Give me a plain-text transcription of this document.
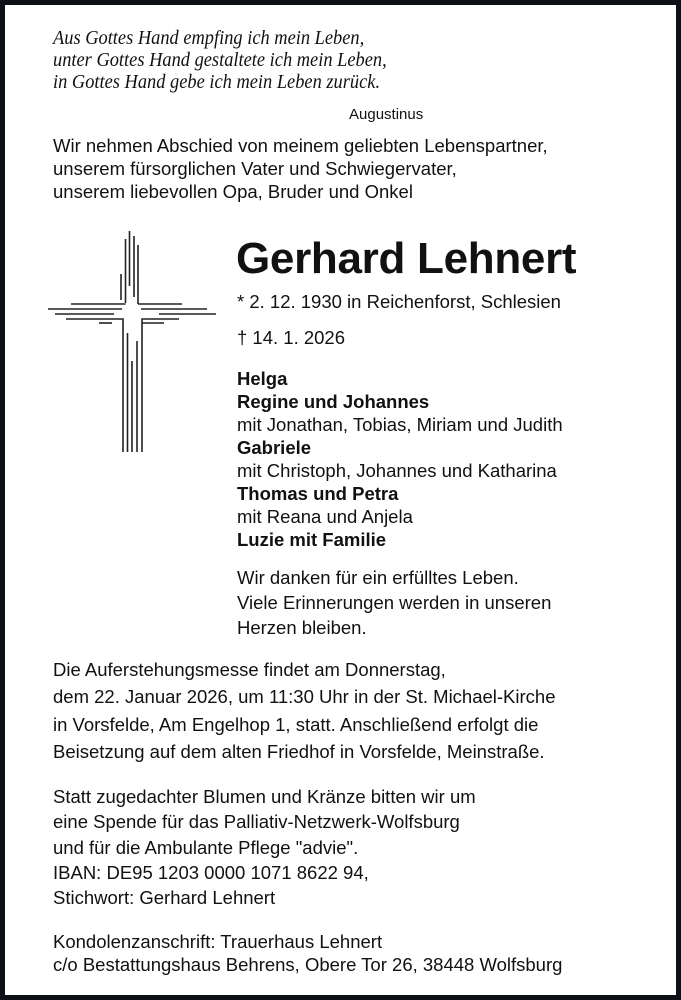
Aus Gottes Hand empfing ich mein Leben,
unter Gottes Hand gestaltete ich mein Leben,
in Gottes Hand gebe ich mein Leben zurück.
Augustinus
Wir nehmen Abschied von meinem geliebten Lebenspartner,
unserem fürsorglichen Vater und Schwiegervater,
unserem liebevollen Opa, Bruder und Onkel
Gerhard Lehnert
* 2. 12. 1930 in Reichenforst, Schlesien
† 14. 1. 2026
Helga
Regine und Johannes
mit Jonathan, Tobias, Miriam und Judith
Gabriele
mit Christoph, Johannes und Katharina
Thomas und Petra
mit Reana und Anjela
Luzie mit Familie
Wir danken für ein erfülltes Leben.
Viele Erinnerungen werden in unseren
Herzen bleiben.
Die Auferstehungsmesse findet am Donnerstag,
dem 22. Januar 2026, um 11:30 Uhr in der St. Michael-Kirche
in Vorsfelde, Am Engelhop 1, statt. Anschließend erfolgt die
Beisetzung auf dem alten Friedhof in Vorsfelde, Meinstraße.
Statt zugedachter Blumen und Kränze bitten wir um
eine Spende für das Palliativ-Netzwerk-Wolfsburg
und für die Ambulante Pflege "advie".
IBAN: DE95 1203 0000 1071 8622 94,
Stichwort: Gerhard Lehnert
Kondolenzanschrift: Trauerhaus Lehnert
c/o Bestattungshaus Behrens, Obere Tor 26, 38448 Wolfsburg
